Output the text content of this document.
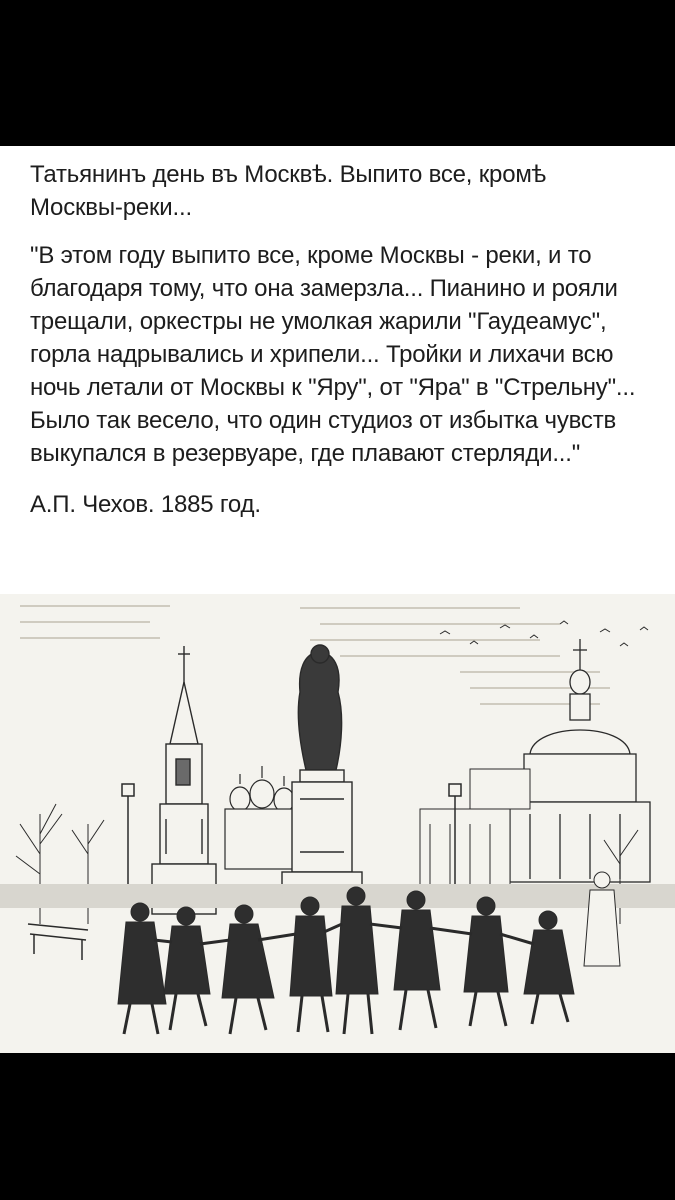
Татьянинъ день въ Москвѣ. Выпито все, кромѣ Москвы-реки...

"В этом году выпито все, кроме Москвы - реки, и то благодаря тому, что она замерзла... Пианино и рояли трещали, оркестры не умолкая жарили "Гаудеамус", горла надрывались и хрипели... Тройки и лихачи всю ночь летали от Москвы к "Яру", от "Яра" в "Стрельну"... Было так весело, что один студиоз от избытка чувств выкупался в резервуаре, где плавают стерляди..."

А.П. Чехов. 1885 год.
